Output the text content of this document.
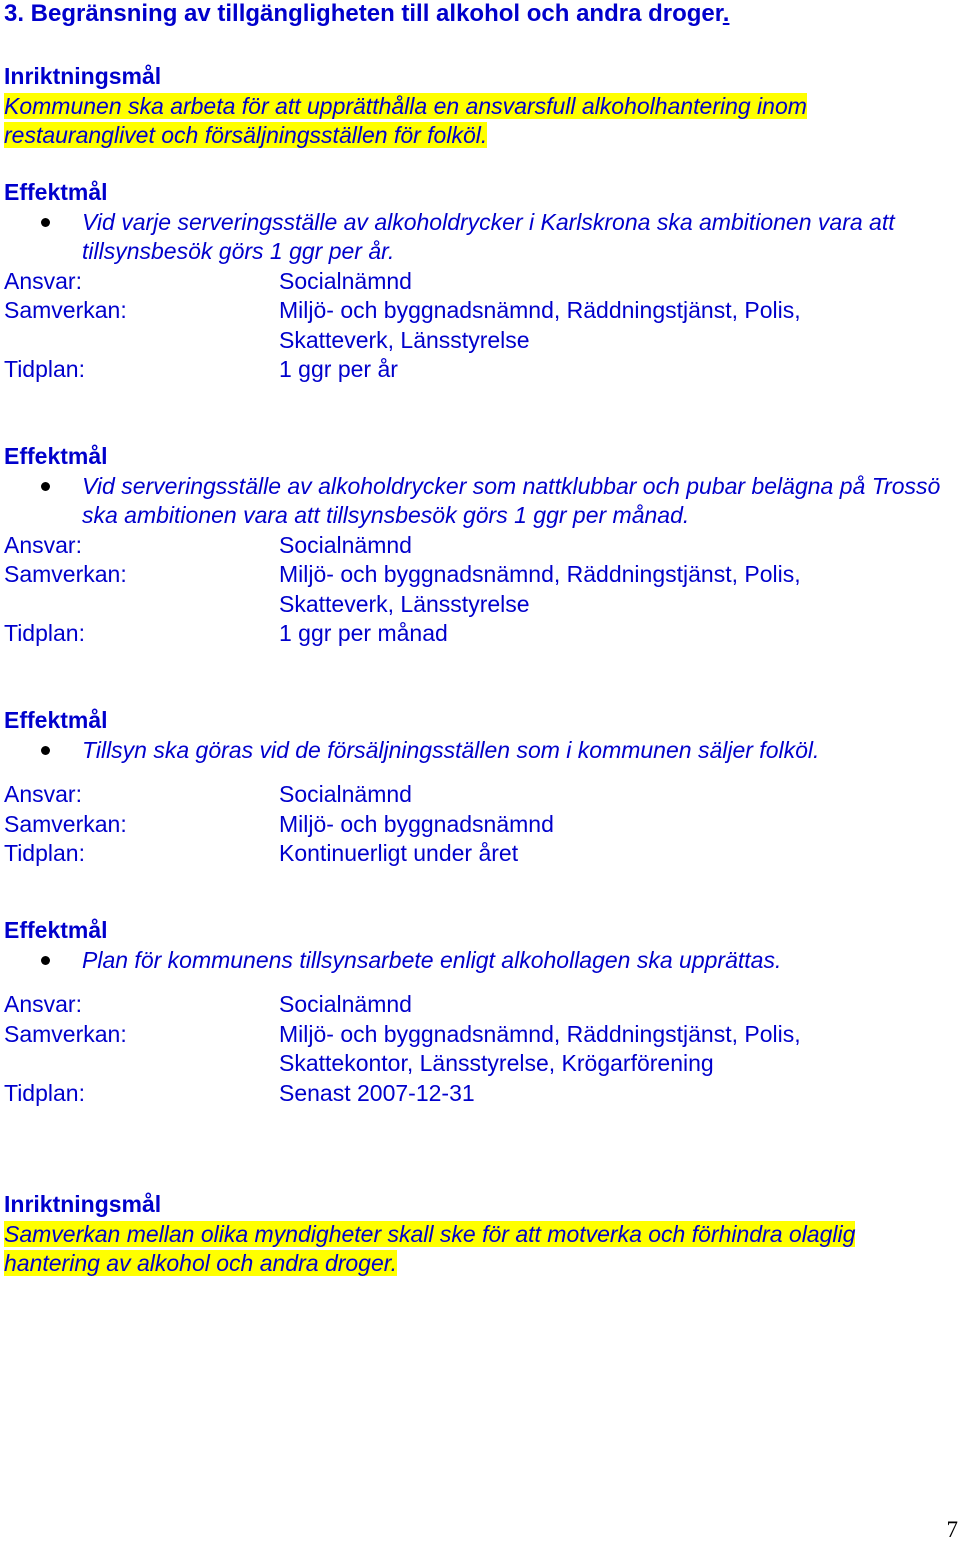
3. Begränsning av tillgängligheten till alkohol och andra droger.
Inriktningsmål
Kommunen ska arbeta för att upprätthålla en ansvarsfull alkoholhantering inom restauranglivet och försäljningsställen för folköl.
Effektmål
Vid varje serveringsställe av alkoholdrycker i Karlskrona ska ambitionen vara att tillsynsbesök görs 1 ggr per år.
Ansvar:	Socialnämnd
Samverkan:	Miljö- och byggnadsnämnd, Räddningstjänst, Polis, Skatteverk, Länsstyrelse
Tidplan:	1 ggr per år
Effektmål
Vid serveringsställe av alkoholdrycker som nattklubbar och pubar belägna på Trossö ska ambitionen vara att tillsynsbesök görs 1 ggr per månad.
Ansvar:	Socialnämnd
Samverkan:	Miljö- och byggnadsnämnd, Räddningstjänst, Polis, Skatteverk, Länsstyrelse
Tidplan:	1 ggr per månad
Effektmål
Tillsyn ska göras vid de försäljningsställen som i kommunen säljer folköl.
Ansvar:	Socialnämnd
Samverkan:	Miljö- och byggnadsnämnd
Tidplan:	Kontinuerligt under året
Effektmål
Plan för kommunens tillsynsarbete enligt alkohollagen ska upprättas.
Ansvar:	Socialnämnd
Samverkan:	Miljö- och byggnadsnämnd, Räddningstjänst, Polis, Skattekontor, Länsstyrelse, Krögarförening
Tidplan:	Senast 2007-12-31
Inriktningsmål
Samverkan mellan olika myndigheter skall ske för att motverka och förhindra olaglig hantering av alkohol och andra droger.
7
